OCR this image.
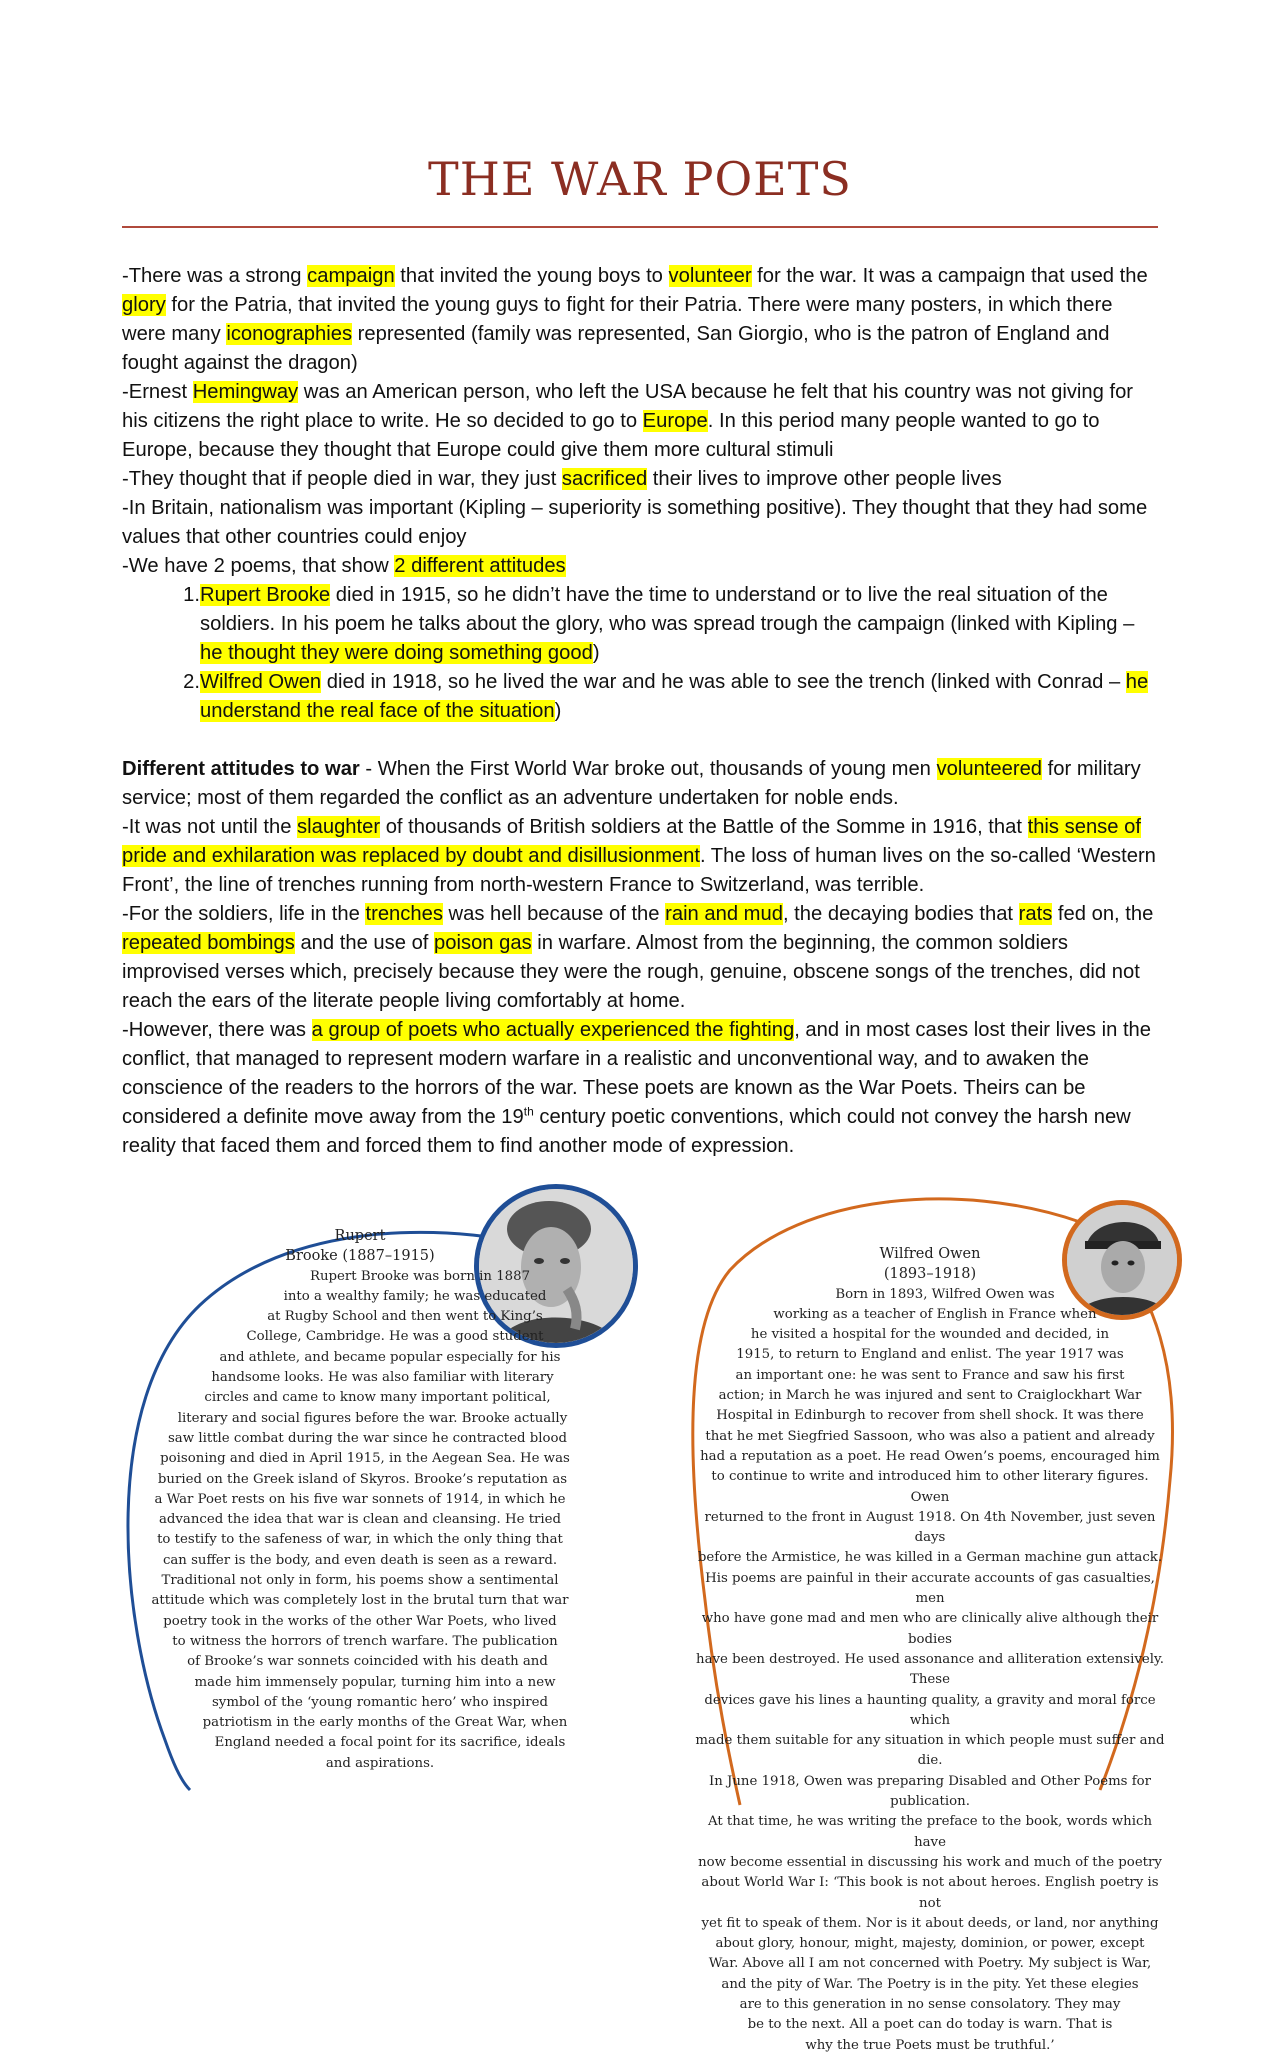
THE WAR POETS

-There was a strong campaign that invited the young boys to volunteer for the war. It was a campaign that used the glory for the Patria, that invited the young guys to fight for their Patria. There were many posters, in which there were many iconographies represented (family was represented, San Giorgio, who is the patron of England and fought against the dragon)

-Ernest Hemingway was an American person, who left the USA because he felt that his country was not giving for his citizens the right place to write. He so decided to go to Europe. In this period many people wanted to go to Europe, because they thought that Europe could give them more cultural stimuli

-They thought that if people died in war, they just sacrificed their lives to improve other people lives

-In Britain, nationalism was important (Kipling – superiority is something positive). They thought that they had some values that other countries could enjoy

-We have 2 poems, that show 2 different attitudes

1. Rupert Brooke died in 1915, so he didn’t have the time to understand or to live the real situation of the soldiers. In his poem he talks about the glory, who was spread trough the campaign (linked with Kipling – he thought they were doing something good)
2. Wilfred Owen died in 1918, so he lived the war and he was able to see the trench (linked with Conrad – he understand the real face of the situation)

Different attitudes to war - When the First World War broke out, thousands of young men volunteered for military service; most of them regarded the conflict as an adventure undertaken for noble ends.

-It was not until the slaughter of thousands of British soldiers at the Battle of the Somme in 1916, that this sense of pride and exhilaration was replaced by doubt and disillusionment. The loss of human lives on the so-called ‘Western Front’, the line of trenches running from north-western France to Switzerland, was terrible.

-For the soldiers, life in the trenches was hell because of the rain and mud, the decaying bodies that rats fed on, the repeated bombings and the use of poison gas in warfare. Almost from the beginning, the common soldiers improvised verses which, precisely because they were the rough, genuine, obscene songs of the trenches, did not reach the ears of the literate people living comfortably at home.

-However, there was a group of poets who actually experienced the fighting, and in most cases lost their lives in the conflict, that managed to represent modern warfare in a realistic and unconventional way, and to awaken the conscience of the readers to the horrors of the war. These poets are known as the War Poets. Theirs can be considered a definite move away from the 19th century poetic conventions, which could not convey the harsh new reality that faced them and forced them to find another mode of expression.

Rupert

Brooke (1887–1915)

Rupert Brooke was born in 1887

into a wealthy family; he was educated

at Rugby School and then went to King’s

College, Cambridge. He was a good student

and athlete, and became popular especially for his

handsome looks. He was also familiar with literary

circles and came to know many important political,

literary and social figures before the war. Brooke actually

saw little combat during the war since he contracted blood

poisoning and died in April 1915, in the Aegean Sea. He was

buried on the Greek island of Skyros. Brooke’s reputation as

a War Poet rests on his five war sonnets of 1914, in which he

advanced the idea that war is clean and cleansing. He tried

to testify to the safeness of war, in which the only thing that

can suffer is the body, and even death is seen as a reward.

Traditional not only in form, his poems show a sentimental

attitude which was completely lost in the brutal turn that war

poetry took in the works of the other War Poets, who lived

to witness the horrors of trench warfare. The publication

of Brooke’s war sonnets coincided with his death and

made him immensely popular, turning him into a new

symbol of the ‘young romantic hero’ who inspired

patriotism in the early months of the Great War, when

England needed a focal point for its sacrifice, ideals

and aspirations.

Wilfred Owen

(1893–1918)

Born in 1893, Wilfred Owen was

working as a teacher of English in France when

he visited a hospital for the wounded and decided, in

1915, to return to England and enlist. The year 1917 was

an important one: he was sent to France and saw his first

action; in March he was injured and sent to Craiglockhart War

Hospital in Edinburgh to recover from shell shock. It was there

that he met Siegfried Sassoon, who was also a patient and already

had a reputation as a poet. He read Owen’s poems, encouraged him

to continue to write and introduced him to other literary figures. Owen

returned to the front in August 1918. On 4th November, just seven days

before the Armistice, he was killed in a German machine gun attack.

His poems are painful in their accurate accounts of gas casualties, men

who have gone mad and men who are clinically alive although their bodies

have been destroyed. He used assonance and alliteration extensively. These

devices gave his lines a haunting quality, a gravity and moral force which

made them suitable for any situation in which people must suffer and die.

In June 1918, Owen was preparing Disabled and Other Poems for publication.

At that time, he was writing the preface to the book, words which have

now become essential in discussing his work and much of the poetry

about World War I: ‘This book is not about heroes. English poetry is not

yet fit to speak of them. Nor is it about deeds, or land, nor anything

about glory, honour, might, majesty, dominion, or power, except

War. Above all I am not concerned with Poetry. My subject is War,

and the pity of War. The Poetry is in the pity. Yet these elegies

are to this generation in no sense consolatory. They may

be to the next. All a poet can do today is warn. That is

why the true Poets must be truthful.’
